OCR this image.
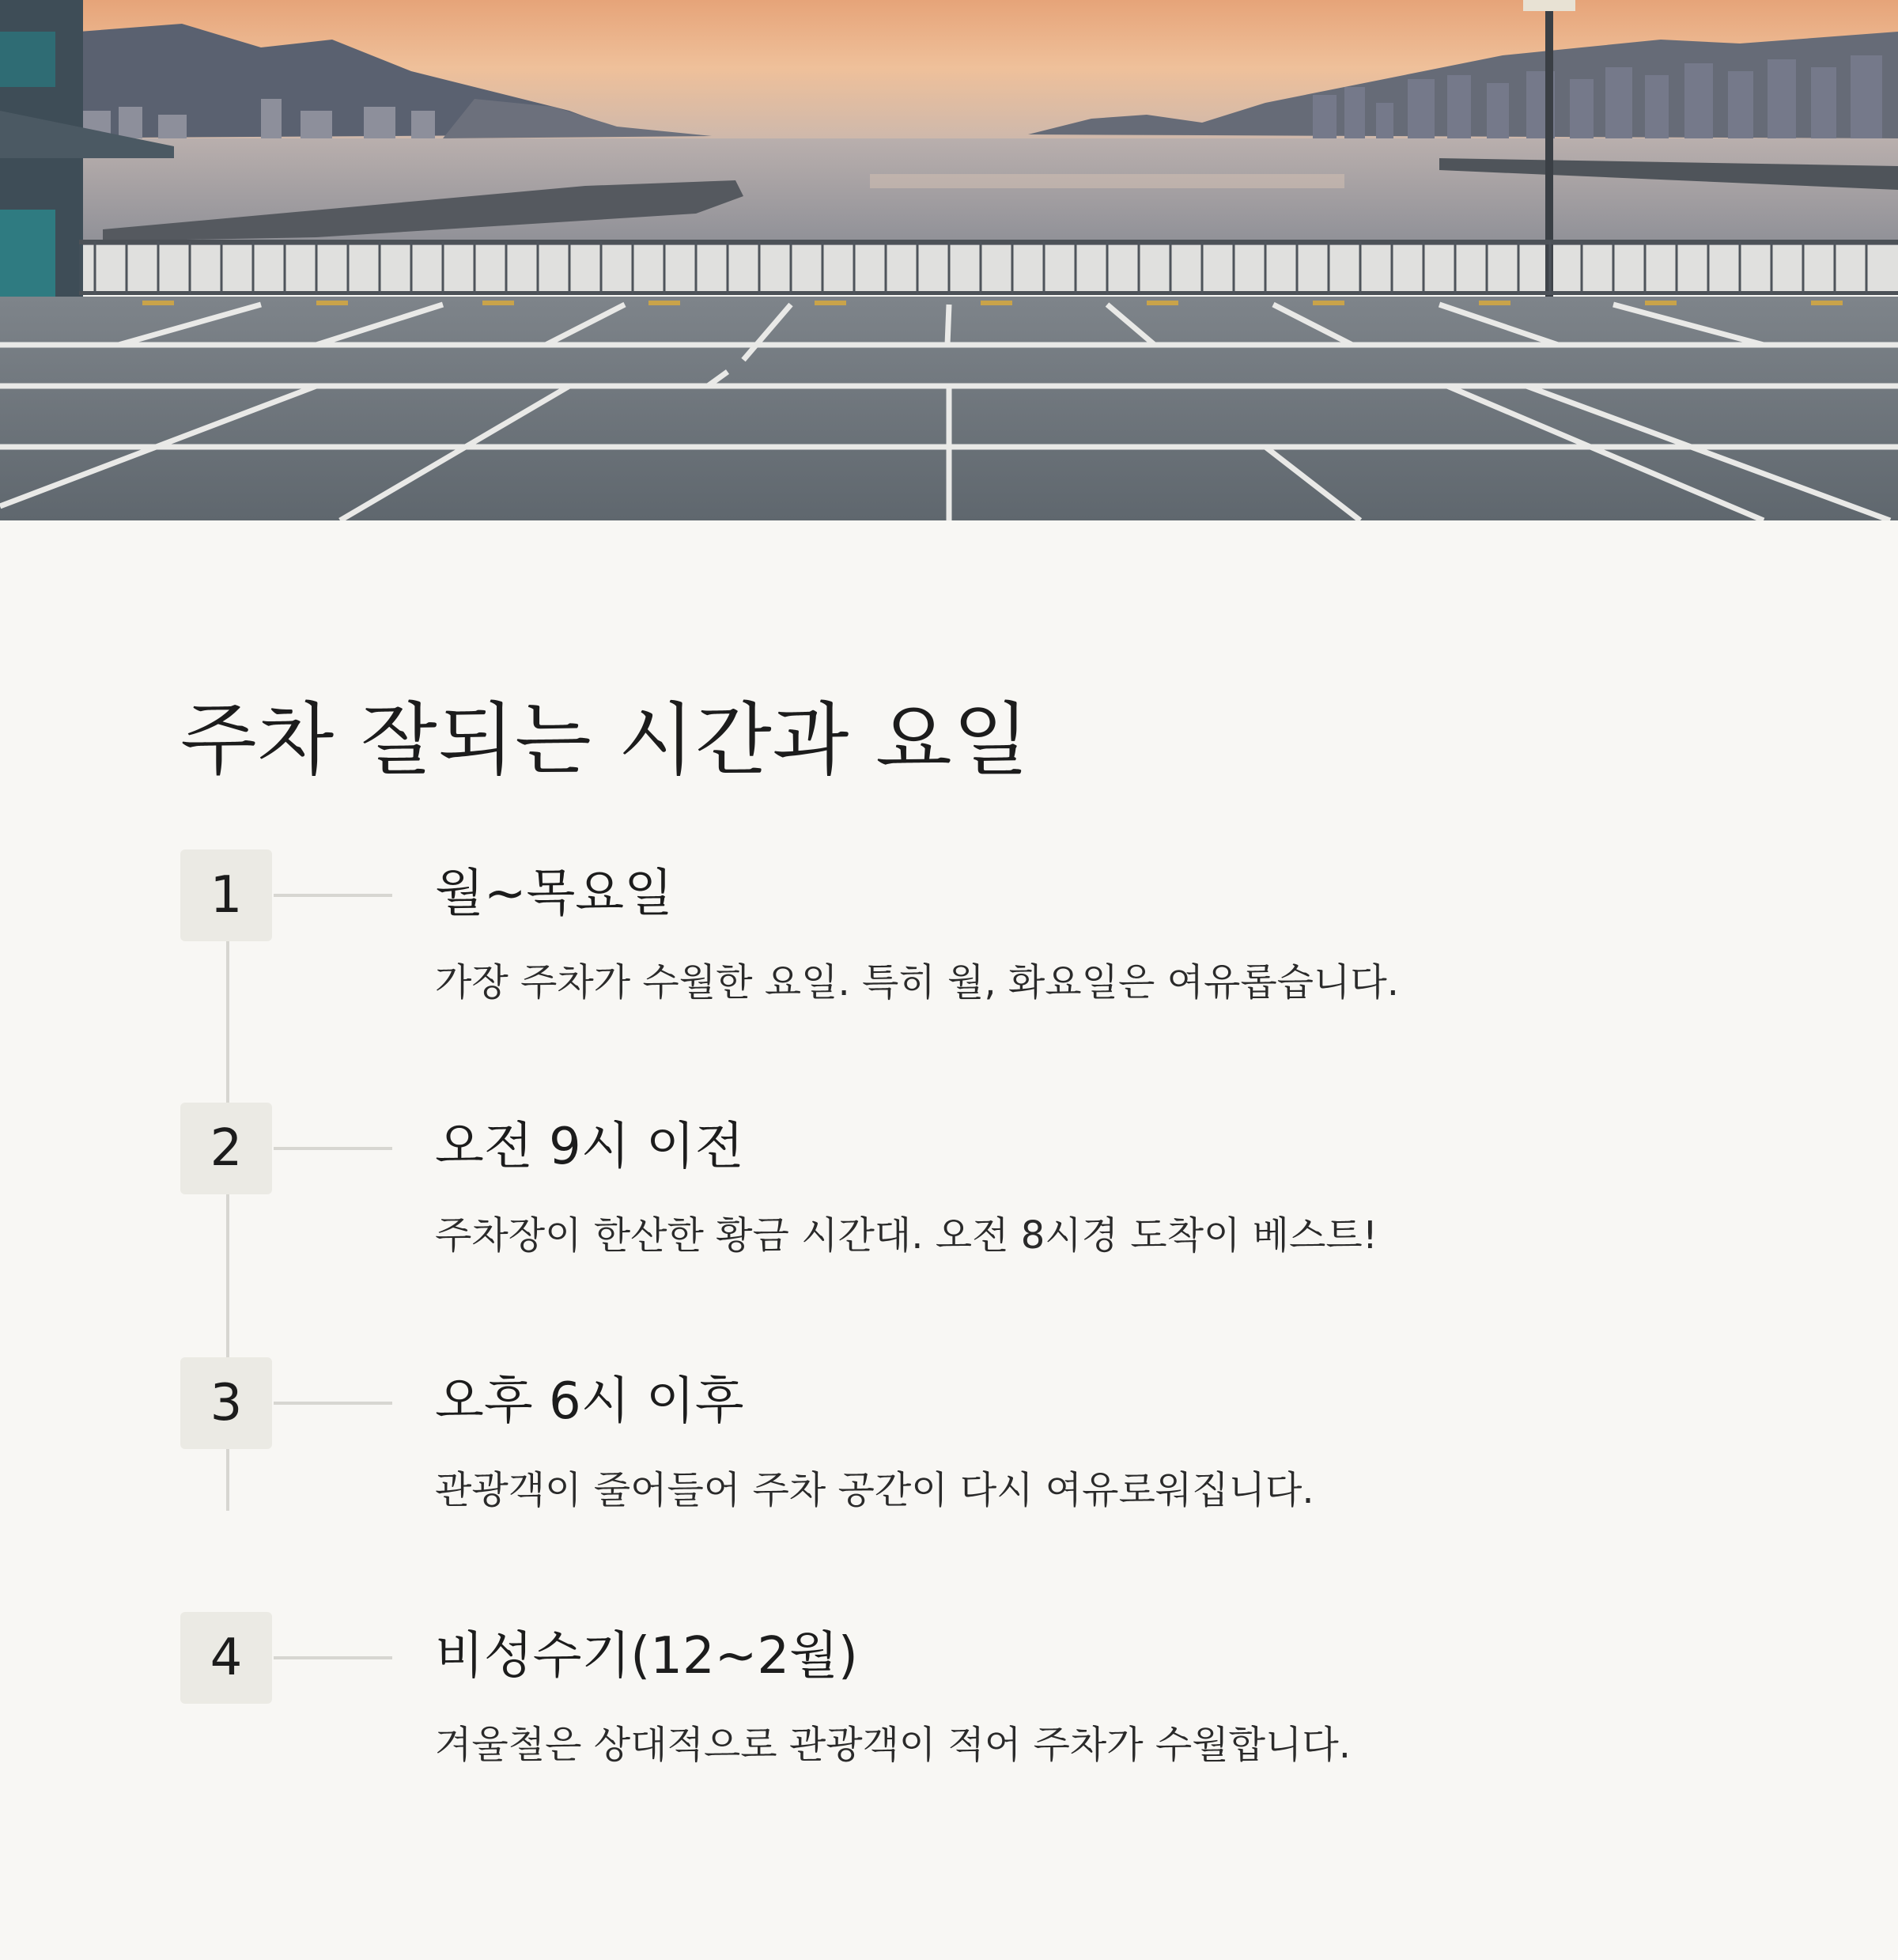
주차 잘되는 시간과 요일
1	월~목요일

가장 주차가 수월한 요일. 특히 월, 화요일은 여유롭습니다.

2	오전 9시 이전

주차장이 한산한 황금 시간대. 오전 8시경 도착이 베스트!

3	오후 6시 이후

관광객이 줄어들어 주차 공간이 다시 여유로워집니다.

4	비성수기(12~2월)

겨울철은 상대적으로 관광객이 적어 주차가 수월합니다.
